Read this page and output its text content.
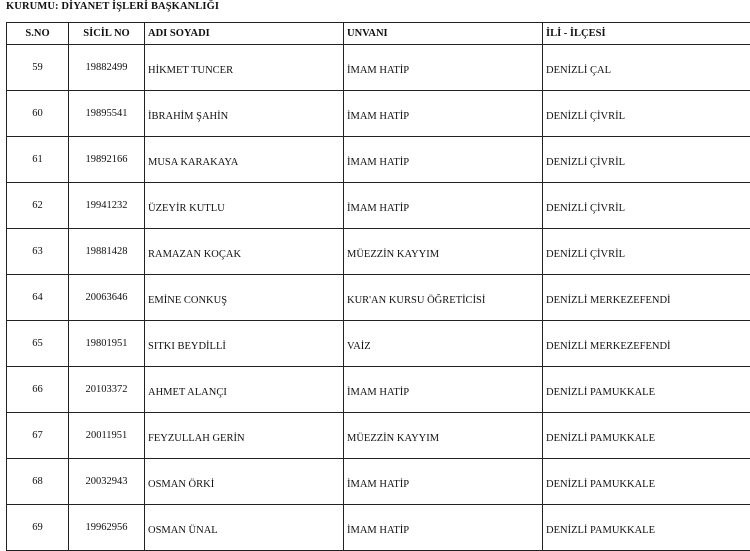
KURUMU: DİYANET İŞLERİ BAŞKANLIĞI
S.NO	SİCİL NO	ADI SOYADI	UNVANI	İLİ - İLÇESİ
59	19882499	HİKMET TUNCER	İMAM HATİP	DENİZLİ ÇAL
60	19895541	İBRAHİM ŞAHİN	İMAM HATİP	DENİZLİ ÇİVRİL
61	19892166	MUSA KARAKAYA	İMAM HATİP	DENİZLİ ÇİVRİL
62	19941232	ÜZEYİR KUTLU	İMAM HATİP	DENİZLİ ÇİVRİL
63	19881428	RAMAZAN KOÇAK	MÜEZZİN KAYYIM	DENİZLİ ÇİVRİL
64	20063646	EMİNE CONKUŞ	KUR'AN KURSU ÖĞRETİCİSİ	DENİZLİ MERKEZEFENDİ
65	19801951	SITKI BEYDİLLİ	VAİZ	DENİZLİ MERKEZEFENDİ
66	20103372	AHMET ALANÇI	İMAM HATİP	DENİZLİ PAMUKKALE
67	20011951	FEYZULLAH GERİN	MÜEZZİN KAYYIM	DENİZLİ PAMUKKALE
68	20032943	OSMAN ÖRKİ	İMAM HATİP	DENİZLİ PAMUKKALE
69	19962956	OSMAN ÜNAL	İMAM HATİP	DENİZLİ PAMUKKALE
